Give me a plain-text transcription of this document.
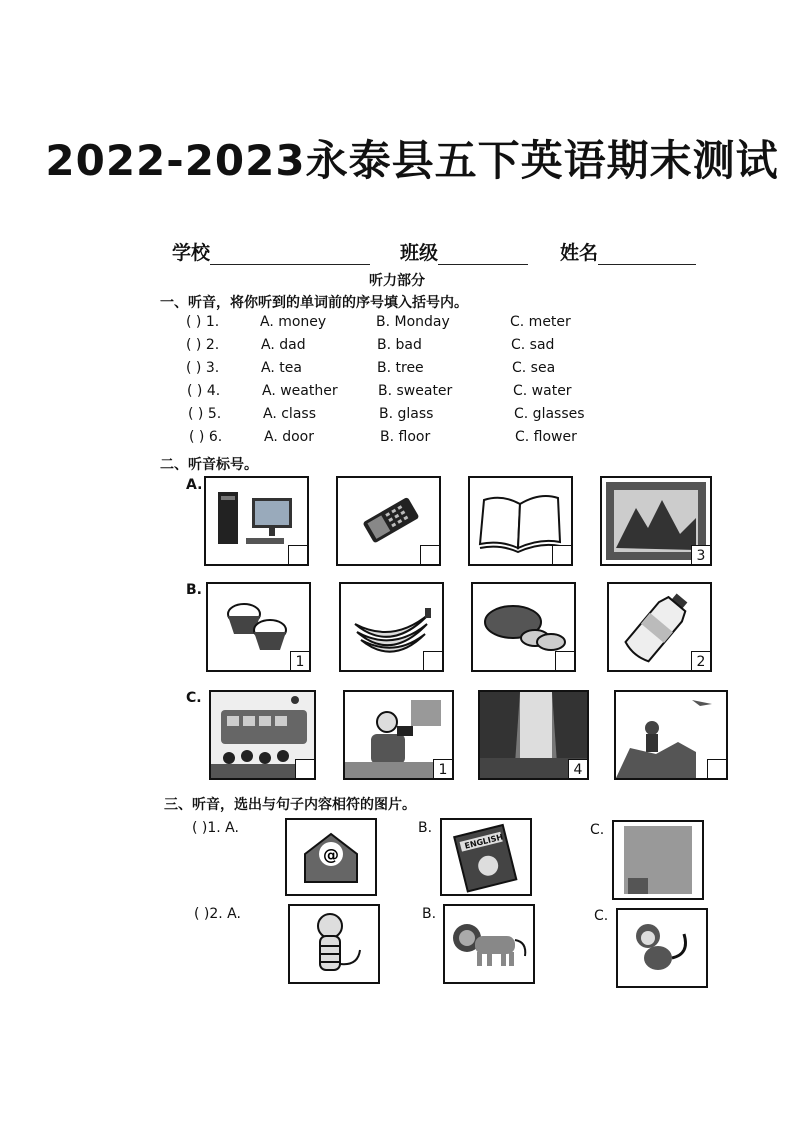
2022-2023永泰县五下英语期末测试
学校	班级	姓名
听力部分
一、听音，将你听到的单词前的序号填入括号内。
( ) 1.	A. money	B. Monday	C. meter
( ) 2.	A. dad	B. bad	C. sad
( ) 3.	A. tea	B. tree	C. sea
( ) 4.	A. weather	B. sweater	C. water
( ) 5.	A. class	B. glass	C. glasses
( ) 6.	A. door	B. floor	C. flower
二、听音标号。
A.
B.
C.
3
1	2
1	4
三、听音，选出与句子内容相符的图片。
( )1. A.
@
B.
ENGLISH
C.
( )2. A.	B.	C.
